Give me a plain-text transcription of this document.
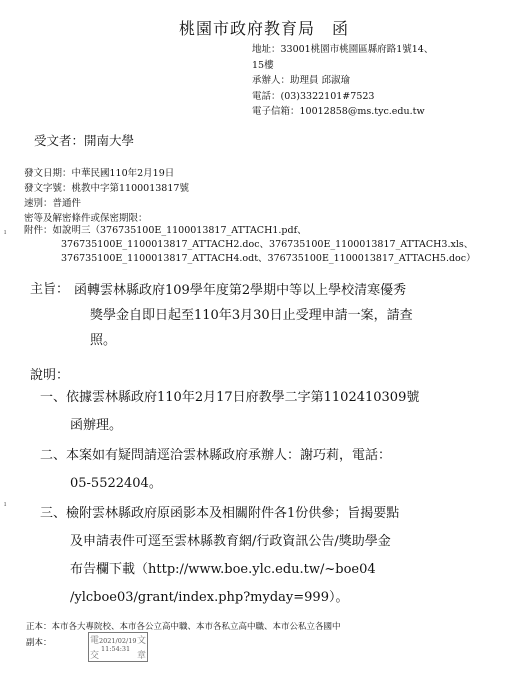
桃園市政府教育局　函
地址：33001桃園市桃園區縣府路1號14、
15樓
承辦人：助理員 邱淑瑜
電話：(03)3322101#7523
電子信箱：10012858@ms.tyc.edu.tw
受文者：開南大學
發文日期：中華民國110年2月19日
發文字號：桃教中字第1100013817號
速別：普通件
密等及解密條件或保密期限：
附件：如說明三（376735100E_1100013817_ATTACH1.pdf、
376735100E_1100013817_ATTACH2.doc、376735100E_1100013817_ATTACH3.xls、
376735100E_1100013817_ATTACH4.odt、376735100E_1100013817_ATTACH5.doc）
ı
ı
主旨： 函轉雲林縣政府109學年度第2學期中等以上學校清寒優秀
獎學金自即日起至110年3月30日止受理申請一案，請查
照。
說明：
一、依據雲林縣政府110年2月17日府教學二字第1102410309號
函辦理。
二、本案如有疑問請逕洽雲林縣政府承辦人：謝巧莉，電話：
05-5522404。
三、檢附雲林縣政府原函影本及相關附件各1份供參；旨揭要點
及申請表件可逕至雲林縣教育網/行政資訊公告/獎助學金
布告欄下載（http://www.boe.ylc.edu.tw/~boe04
/ylcboe03/grant/index.php?myday=999）。
正本：本市各大專院校、本市各公立高中職、本市各私立高中職、本市公私立各國中
副本：	電	文
交	章
2021/02/19
11:54:31
